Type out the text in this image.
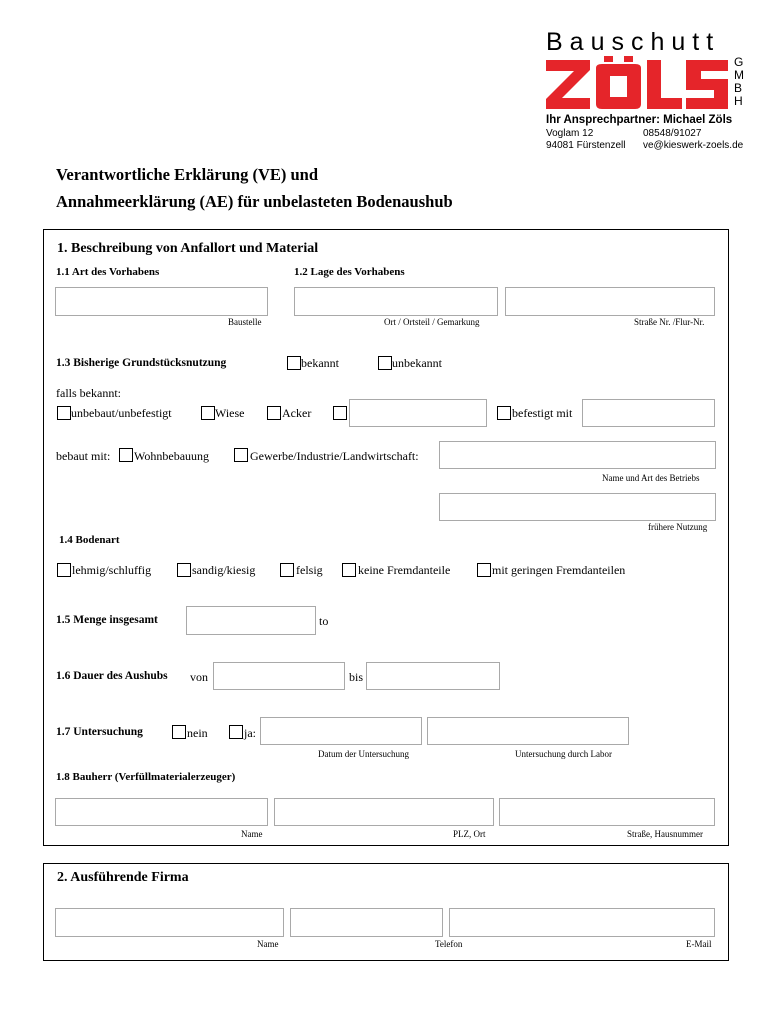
Bauschutt
G
M
B
H
Ihr Ansprechpartner: Michael Zöls
Voglam 12
94081 Fürstenzell
08548/91027
ve@kieswerk-zoels.de
Verantwortliche Erklärung (VE) und
Annahmeerklärung (AE) für unbelasteten Bodenaushub
1. Beschreibung von Anfallort und Material
1.1 Art des Vorhabens	1.2 Lage des Vorhabens
Baustelle	Ort / Ortsteil / Gemarkung	Straße Nr. /Flur-Nr.
1.3 Bisherige Grundstücksnutzung	bekannt	unbekannt
falls bekannt:
unbebaut/unbefestigt	Wiese	Acker	befestigt mit
bebaut mit: Wohnbebauung	Gewerbe/Industrie/Landwirtschaft:
Name und Art des Betriebs
frühere Nutzung
1.4 Bodenart
lehmig/schluffig	sandig/kiesig	felsig	keine Fremdanteile	mit geringen Fremdanteilen
1.5 Menge insgesamt	to
1.6 Dauer des Aushubs von	bis
1.7 Untersuchung	nein	ja:
Datum der Untersuchung	Untersuchung durch Labor
1.8 Bauherr (Verfüllmaterialerzeuger)
Name	PLZ, Ort	Straße, Hausnummer
2. Ausführende Firma
Name	Telefon	E-Mail
